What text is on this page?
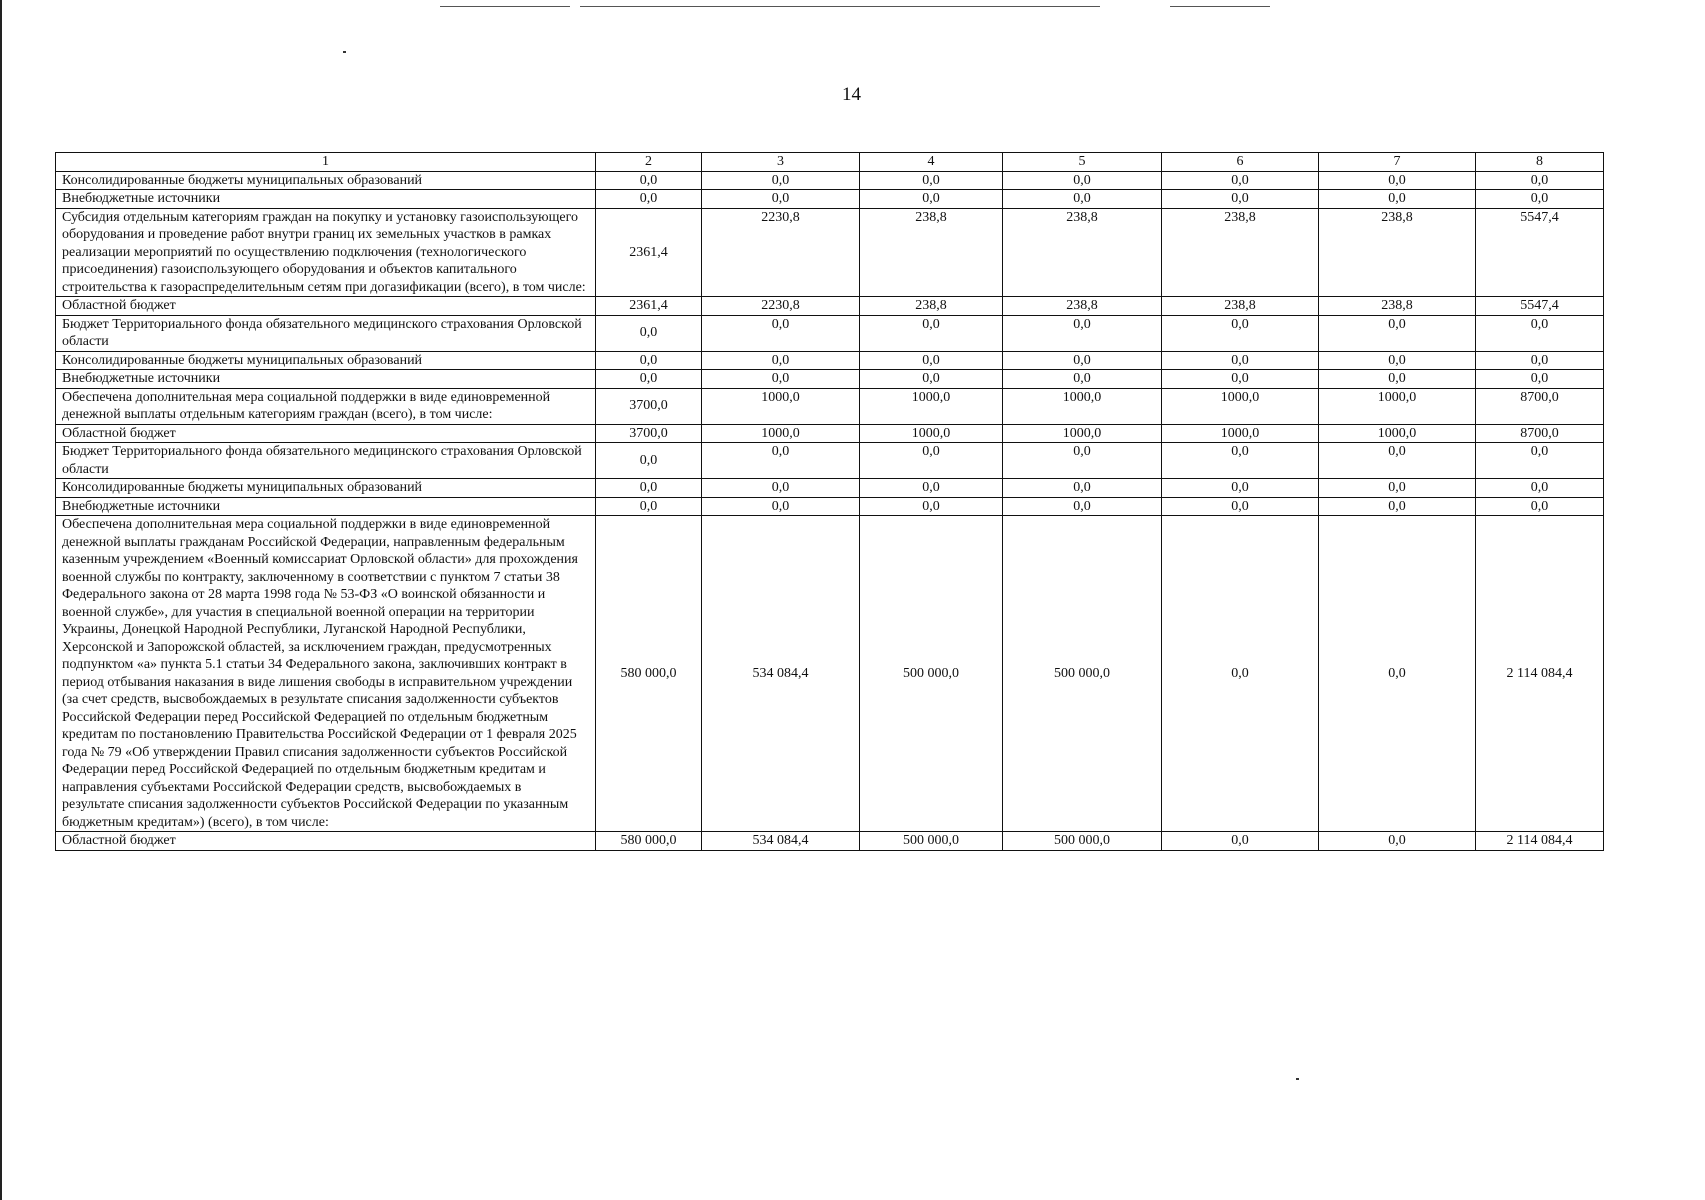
14
1	2	3	4	5	6	7	8
Консолидированные бюджеты муниципальных образований	0,0	0,0	0,0	0,0	0,0	0,0	0,0
Внебюджетные источники	0,0	0,0	0,0	0,0	0,0	0,0	0,0
Субсидия отдельным категориям граждан на покупку и установку газоиспользующего оборудования и проведение работ внутри границ их земельных участков в рамках реализации мероприятий по осуществлению подключения (технологического присоединения) газоиспользующего оборудования и объектов капитального строительства к газораспределительным сетям при догазификации (всего), в том числе:	2361,4	2230,8	238,8	238,8	238,8	238,8	5547,4
Областной бюджет	2361,4	2230,8	238,8	238,8	238,8	238,8	5547,4
Бюджет Территориального фонда обязательного медицинского страхования Орловской области	0,0	0,0	0,0	0,0	0,0	0,0	0,0
Консолидированные бюджеты муниципальных образований	0,0	0,0	0,0	0,0	0,0	0,0	0,0
Внебюджетные источники	0,0	0,0	0,0	0,0	0,0	0,0	0,0
Обеспечена дополнительная мера социальной поддержки в виде единовременной денежной выплаты отдельным категориям граждан (всего), в том числе:	3700,0	1000,0	1000,0	1000,0	1000,0	1000,0	8700,0
Областной бюджет	3700,0	1000,0	1000,0	1000,0	1000,0	1000,0	8700,0
Бюджет Территориального фонда обязательного медицинского страхования Орловской области	0,0	0,0	0,0	0,0	0,0	0,0	0,0
Консолидированные бюджеты муниципальных образований	0,0	0,0	0,0	0,0	0,0	0,0	0,0
Внебюджетные источники	0,0	0,0	0,0	0,0	0,0	0,0	0,0
Обеспечена дополнительная мера социальной поддержки в виде единовременной денежной выплаты гражданам Российской Федерации, направленным федеральным казенным учреждением «Военный комиссариат Орловской области» для прохождения военной службы по контракту, заключенному в соответствии с пунктом 7 статьи 38 Федерального закона от 28 марта 1998 года № 53-ФЗ «О воинской обязанности и военной службе», для участия в специальной военной операции на территории Украины, Донецкой Народной Республики, Луганской Народной Республики, Херсонской и Запорожской областей, за исключением граждан, предусмотренных подпунктом «а» пункта 5.1 статьи 34 Федерального закона, заключивших контракт в период отбывания наказания в виде лишения свободы в исправительном учреждении (за счет средств, высвобождаемых в результате списания задолженности субъектов Российской Федерации перед Российской Федерацией по отдельным бюджетным кредитам по постановлению Правительства Российской Федерации от 1 февраля 2025 года № 79 «Об утверждении Правил списания задолженности субъектов Российской Федерации перед Российской Федерацией по отдельным бюджетным кредитам и направления субъектами Российской Федерации средств, высвобождаемых в результате списания задолженности субъектов Российской Федерации по указанным бюджетным кредитам») (всего), в том числе:	580 000,0	534 084,4	500 000,0	500 000,0	0,0	0,0	2 114 084,4
Областной бюджет	580 000,0	534 084,4	500 000,0	500 000,0	0,0	0,0	2 114 084,4
